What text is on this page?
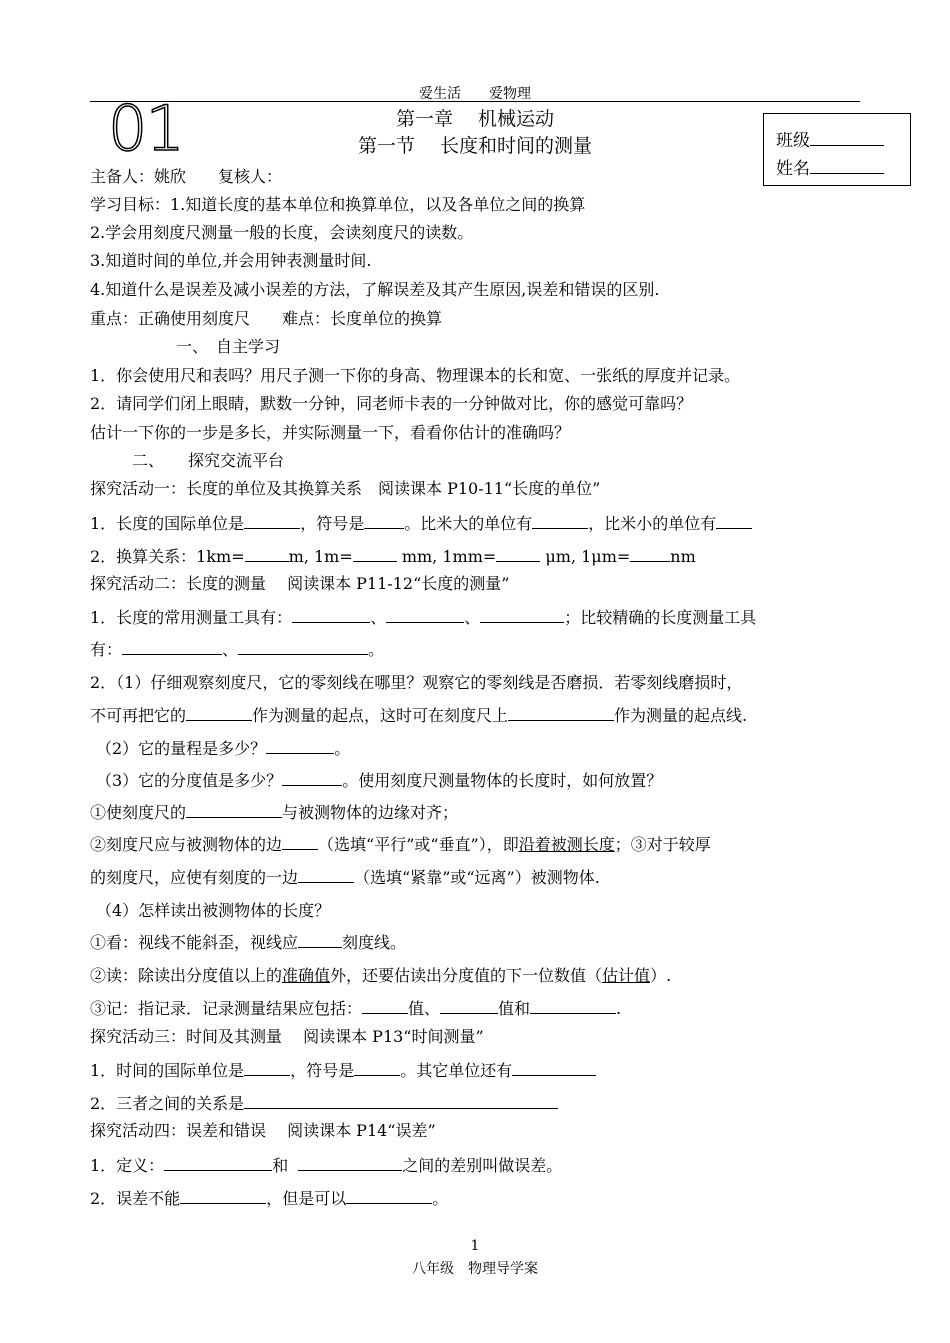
爱生活　　爱物理
01	第一章　 机械运动
第一节　 长度和时间的测量	班级
姓名
主备人：姚欣　　复核人：
学习目标：1.知道长度的基本单位和换算单位，以及各单位之间的换算
2.学会用刻度尺测量一般的长度，会读刻度尺的读数。
3.知道时间的单位,并会用钟表测量时间.
4.知道什么是误差及减小误差的方法，了解误差及其产生原因,误差和错误的区别.
重点：正确使用刻度尺　　难点：长度单位的换算
一、　自主学习
1．你会使用尺和表吗？用尺子测一下你的身高、物理课本的长和宽、一张纸的厚度并记录。
2．请同学们闭上眼睛，默数一分钟，同老师卡表的一分钟做对比，你的感觉可靠吗？
估计一下你的一步是多长，并实际测量一下，看看你估计的准确吗？
二、　　探究交流平台
探究活动一：长度的单位及其换算关系　阅读课本 P10-11“长度的单位”
1．长度的国际单位是	，符号是	。比米大的单位有	，比米小的单位有
2．换算关系：1km=	m, 1m=	mm, 1mm=	μm, 1μm=	nm
探究活动二：长度的测量　 阅读课本 P11-12“长度的测量”
1．长度的常用测量工具有：	、	、	；比较精确的长度测量工具
有：	、	。
2．（1）仔细观察刻度尺，它的零刻线在哪里？观察它的零刻线是否磨损．若零刻线磨损时，
不可再把它的	作为测量的起点，这时可在刻度尺上	作为测量的起点线.
（2）它的量程是多少？	。
（3）它的分度值是多少？	。使用刻度尺测量物体的长度时，如何放置？
①使刻度尺的	与被测物体的边缘对齐；
②刻度尺应与被测物体的边 （选填“平行”或“垂直”），即沿着被测长度；③对于较厚
的刻度尺，应使有刻度的一边	（选填“紧靠”或“远离”）被测物体.
（4）怎样读出被测物体的长度？
①看：视线不能斜歪，视线应	刻度线。
②读：除读出分度值以上的准确值外，还要估读出分度值的下一位数值（估计值）.
③记：指记录．记录测量结果应包括：	值、	值和	.
探究活动三：时间及其测量　 阅读课本 P13“时间测量”
1．时间的国际单位是	，符号是	。其它单位还有
2．三者之间的关系是
探究活动四：误差和错误　 阅读课本 P14“误差”
1．定义：	和	之间的差别叫做误差。
2．误差不能	，但是可以	。
1
八年级　物理导学案
